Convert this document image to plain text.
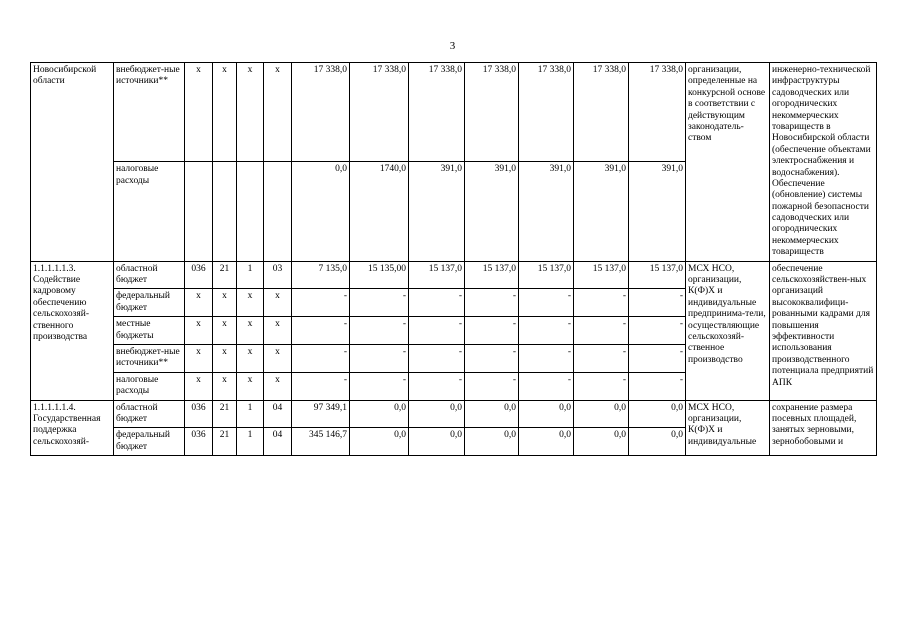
3
Новосибирской области	внебюджет-ные источники**	x	x	x	x	17 338,0	17 338,0	17 338,0	17 338,0	17 338,0	17 338,0	17 338,0	организации, определенные на конкурсной основе в соответствии с действующим законодатель-ством	инженерно-технической инфраструктуры садоводческих или огороднических некоммерческих товариществ в Новосибирской области (обеспечение объектами электроснабжения и водоснабжения). Обеспечение (обновление) системы пожарной безопасности садоводческих или огороднических некоммерческих товариществ
	налоговые расходы					0,0	1740,0	391,0	391,0	391,0	391,0	391,0		
1.1.1.1.1.3. Содействие кадровому обеспечению сельскохозяй-ственного производства	областной бюджет	036	21	1	03	7 135,0	15 135,00	15 137,0	15 137,0	15 137,0	15 137,0	15 137,0	МСХ НСО, организации, К(Ф)Х и индивидуальные предпринима-тели, осуществляющие сельскохозяй-ственное производство	обеспечение сельскохозяйствен-ных организаций высококвалифици-рованными кадрами для повышения эффективности использования производственного потенциала предприятий АПК
	федеральный бюджет	x	x	x	x	-	-	-	-	-	-	-		
	местные бюджеты	x	x	x	x	-	-	-	-	-	-	-		
	внебюджет-ные источники**	x	x	x	x	-	-	-	-	-	-	-		
	налоговые расходы	x	x	x	x	-	-	-	-	-	-	-		
1.1.1.1.1.4. Государственная поддержка сельскохозяй-	областной бюджет	036	21	1	04	97 349,1	0,0	0,0	0,0	0,0	0,0	0,0	МСХ НСО, организации, К(Ф)Х и индивидуальные	сохранение размера посевных площадей, занятых зерновыми, зернобобовыми и
	федеральный бюджет	036	21	1	04	345 146,7	0,0	0,0	0,0	0,0	0,0	0,0		
